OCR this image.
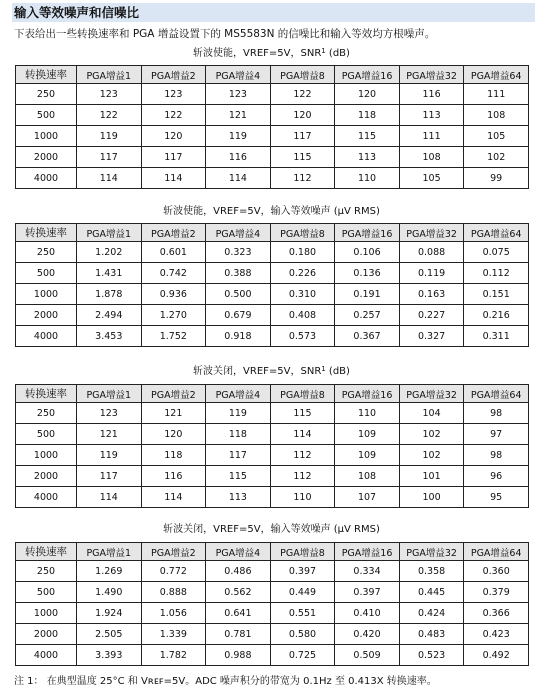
输入等效噪声和信噪比
下表给出一些转换速率和 PGA 增益设置下的 MS5583N 的信噪比和输入等效均方根噪声。
斩波使能，VREF=5V，SNR$^1$ (dB)
转换速率	PGA增益1	PGA增益2	PGA增益4	PGA增益8	PGA增益16	PGA增益32	PGA增益64
250	123	123	123	122	120	116	111
500	122	122	121	120	118	113	108
1000	119	120	119	117	115	111	105
2000	117	117	116	115	113	108	102
4000	114	114	114	112	110	105	99
斩波使能，VREF=5V，输入等效噪声 (µV RMS)
转换速率	PGA增益1	PGA增益2	PGA增益4	PGA增益8	PGA增益16	PGA增益32	PGA增益64
250	1.202	0.601	0.323	0.180	0.106	0.088	0.075
500	1.431	0.742	0.388	0.226	0.136	0.119	0.112
1000	1.878	0.936	0.500	0.310	0.191	0.163	0.151
2000	2.494	1.270	0.679	0.408	0.257	0.227	0.216
4000	3.453	1.752	0.918	0.573	0.367	0.327	0.311
斩波关闭，VREF=5V，SNR$^1$ (dB)
转换速率	PGA增益1	PGA增益2	PGA增益4	PGA增益8	PGA增益16	PGA增益32	PGA增益64
250	123	121	119	115	110	104	98
500	121	120	118	114	109	102	97
1000	119	118	117	112	109	102	98
2000	117	116	115	112	108	101	96
4000	114	114	113	110	107	100	95
斩波关闭，VREF=5V，输入等效噪声 (µV RMS)
转换速率	PGA增益1	PGA增益2	PGA增益4	PGA增益8	PGA增益16	PGA增益32	PGA增益64
250	1.269	0.772	0.486	0.397	0.334	0.358	0.360
500	1.490	0.888	0.562	0.449	0.397	0.445	0.379
1000	1.924	1.056	0.641	0.551	0.410	0.424	0.366
2000	2.505	1.339	0.781	0.580	0.420	0.483	0.423
4000	3.393	1.782	0.988	0.725	0.509	0.523	0.492
注 1： 在典型温度 25°C 和 Vʀᴇꜰ=5V。ADC 噪声积分的带宽为 0.1Hz 至 0.413X 转换速率。
